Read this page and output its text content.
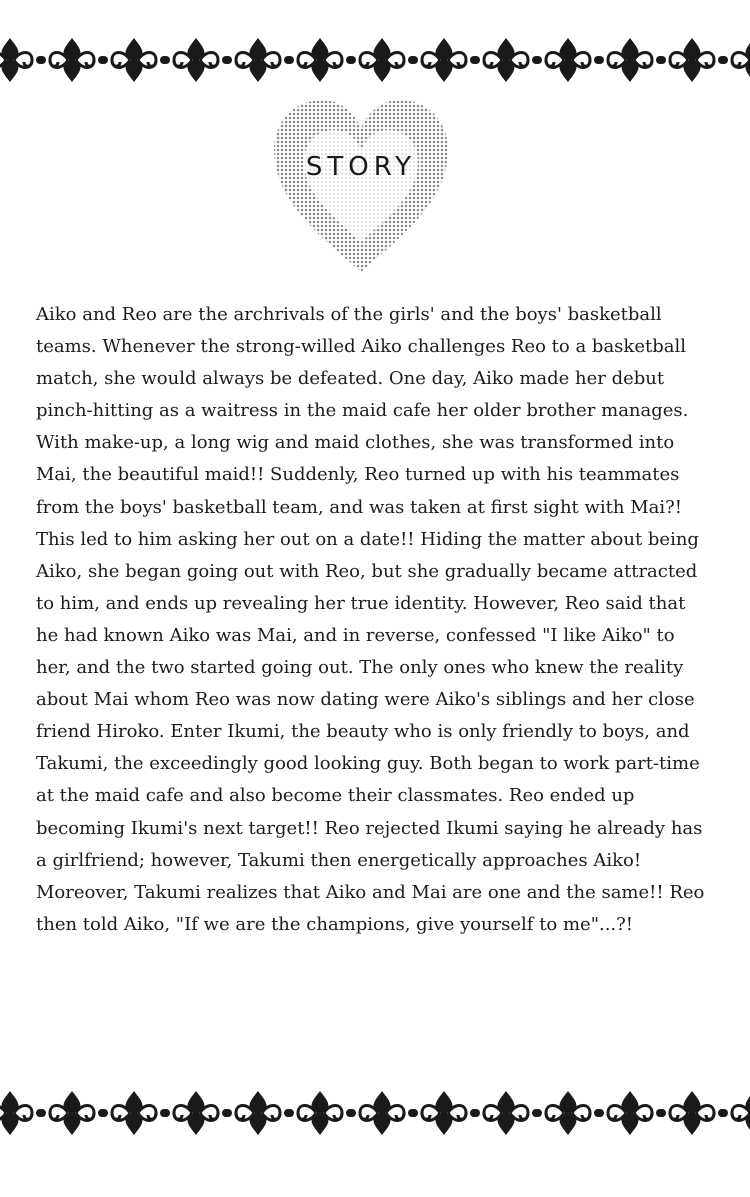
STORY
Aiko and Reo are the archrivals of the girls' and the boys' basketball
teams. Whenever the strong-willed Aiko challenges Reo to a basketball
match, she would always be defeated. One day, Aiko made her debut
pinch-hitting as a waitress in the maid cafe her older brother manages.
With make-up, a long wig and maid clothes, she was transformed into
Mai, the beautiful maid!! Suddenly, Reo turned up with his teammates
from the boys' basketball team, and was taken at first sight with Mai?!
This led to him asking her out on a date!! Hiding the matter about being
Aiko, she began going out with Reo, but she gradually became attracted
to him, and ends up revealing her true identity. However, Reo said that
he had known Aiko was Mai, and in reverse, confessed "I like Aiko" to
her, and the two started going out. The only ones who knew the reality
about Mai whom Reo was now dating were Aiko's siblings and her close
friend Hiroko. Enter Ikumi, the beauty who is only friendly to boys, and
Takumi, the exceedingly good looking guy. Both began to work part-time
at the maid cafe and also become their classmates. Reo ended up
becoming Ikumi's next target!! Reo rejected Ikumi saying he already has
a girlfriend; however, Takumi then energetically approaches Aiko!
Moreover, Takumi realizes that Aiko and Mai are one and the same!! Reo
then told Aiko, "If we are the champions, give yourself to me"...?!
